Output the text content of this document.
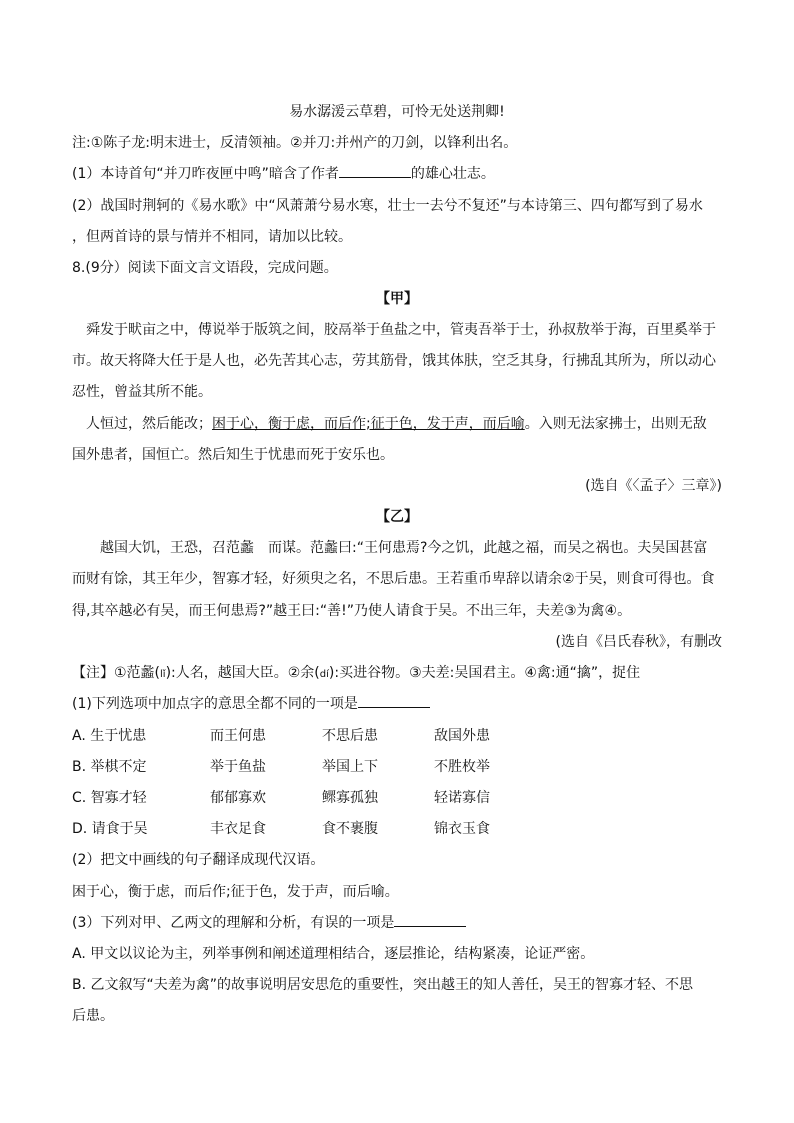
易水潺湲云草碧，可怜无处送荆卿!
注:①陈子龙:明末进士，反清领袖。②并刀:并州产的刀剑，以锋利出名。
(1）本诗首句“并刀昨夜匣中鸣”暗含了作者	的雄心壮志。
(2）战国时荆轲的《易水歌》中“风萧萧兮易水寒，壮士一去兮不复还”与本诗第三、四句都写到了易水
，但两首诗的景与情并不相同，请加以比较。
8.(9分）阅读下面文言文语段，完成问题。
【甲】
舜发于畎亩之中，傅说举于版筑之间，胶鬲举于鱼盐之中，管夷吾举于士，孙叔敖举于海，百里奚举于
市。故天将降大任于是人也，必先苦其心志，劳其筋骨，饿其体肤，空乏其身，行拂乱其所为，所以动心
忍性，曾益其所不能。
人恒过，然后能改；困于心，衡于虑，而后作;征于色，发于声，而后喻。入则无法家拂士，出则无敌
国外患者，国恒亡。然后知生于忧患而死于安乐也。
(选自《〈孟子〉三章》)
【乙】
越国大饥，王恐，召范蠡　而谋。范蠡曰:“王何患焉?今之饥，此越之福，而吴之祸也。夫吴国甚富
而财有馀，其王年少，智寡才轻，好须臾之名，不思后患。王若重币卑辞以请余②于吴，则食可得也。食
得,其卒越必有吴，而王何患焉?”越王曰:“善!”乃使人请食于吴。不出三年，夫差③为禽④。
(选自《吕氏春秋》，有删改
【注】①范蠡(lǐ):人名，越国大臣。②余(dí):买进谷物。③夫差:吴国君主。④禽:通“擒”，捉住
(1)下列选项中加点字的意思全都不同的一项是
A. 生于忧患	而王何患	不思后患	敌国外患
B. 举棋不定	举于鱼盐	举国上下	不胜枚举
C. 智寡才轻	郁郁寡欢	鳏寡孤独	轻诺寡信
D. 请食于吴	丰衣足食	食不裹腹	锦衣玉食
(2）把文中画线的句子翻译成现代汉语。
困于心，衡于虑，而后作;征于色，发于声，而后喻。
(3）下列对甲、乙两文的理解和分析，有误的一项是
A. 甲文以议论为主，列举事例和阐述道理相结合，逐层推论，结构紧凑，论证严密。
B. 乙文叙写“夫差为禽”的故事说明居安思危的重要性，突出越王的知人善任，吴王的智寡才轻、不思
后患。
